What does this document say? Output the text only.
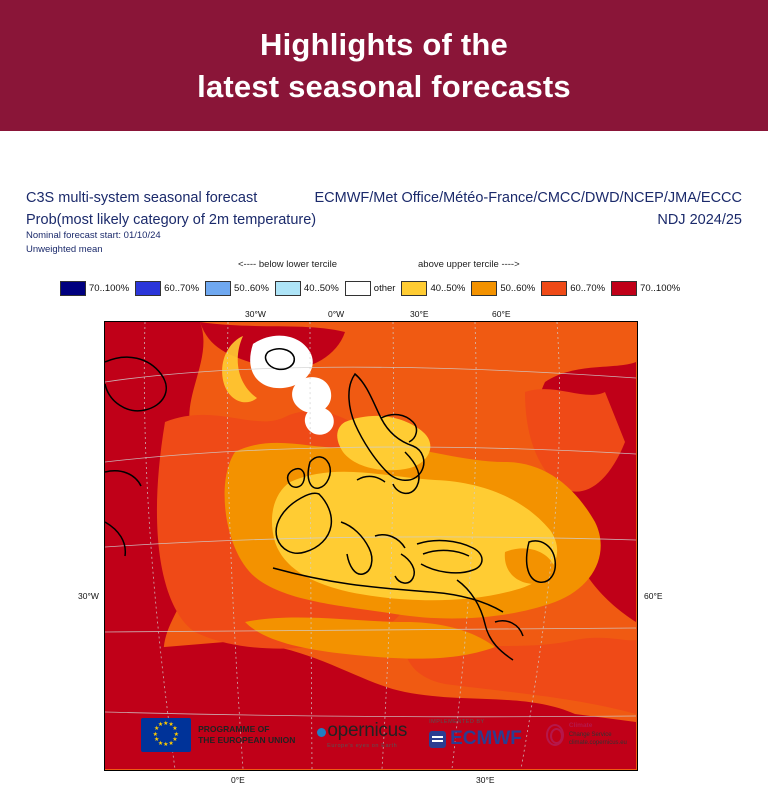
Highlights of the
latest seasonal forecasts
C3S multi-system seasonal forecast
Prob(most likely category of 2m temperature)
Nominal forecast start: 01/10/24
Unweighted mean
ECMWF/Met Office/Météo-France/CMCC/DWD/NCEP/JMA/ECCC
NDJ 2024/25
<---- below lower tercile	above upper tercile ---->
70..100%	60..70%	50..60%	40..50%	other	40..50%	50..60%	60..70%	70..100%
30°W	0°W	30°E	60°E
30°W	60°E
0°E	30°E
★ ★
★
★
★
★
★
★
★
★
★
★	PROGRAMME OF
THE EUROPEAN UNION	opernicus
Europe's eyes on Earth
IMPLEMENTED BY
ECMWF
Climate
Change Service
climate.copernicus.eu
